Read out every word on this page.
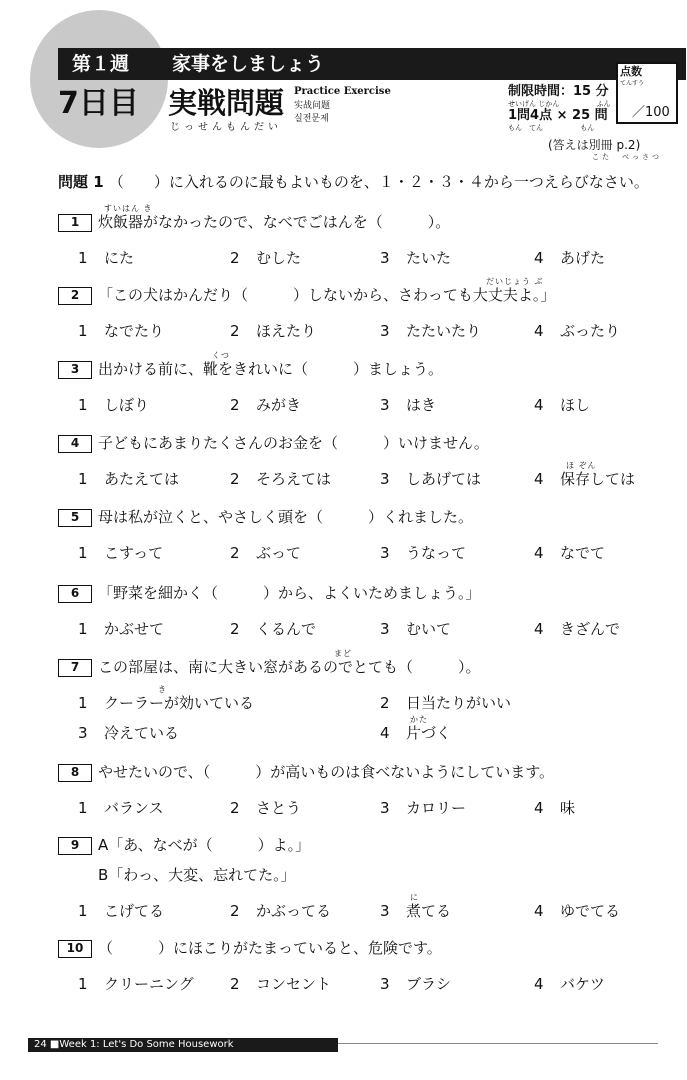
第１週 家事をしましょう
7日目 実戦問題
じっせんもんだい
Practice Exercise
实战问题
실전문제
制限時間：15 分
せいげん じかん　　　　　 ふん
1問4点 × 25 問
もん　てん　　　　　 もん
点数
てんすう
／100
(答えは別冊 p.2)
こた　べっさつ
問題 1 （　　）に入れるのに最もよいものを、１・２・３・４から一つえらびなさい。
1	炊飯器がなかったので、なべでごはんを（　　　）。
1 にた	2 むした	3 たいた	4 あげた
すいはん き
2	「この犬はかんだり（　　　）しないから、さわっても大丈夫よ。」
1 なでたり	2 ほえたり	3 たたいたり	4 ぶったり
だいじょう ぶ
3	出かける前に、靴をきれいに（　　　）ましょう。
1 しぼり	2 みがき	3 はき	4 ほし
くつ
4	子どもにあまりたくさんのお金を（　　　）いけません。
1 あたえては	2 そろえては	3 しあげては	4 保存しては
ほ ぞん
5	母は私が泣くと、やさしく頭を（　　　）くれました。
1 こすって	2 ぶって	3 うなって	4 なでて
6	「野菜を細かく（　　　）から、よくいためましょう。」
1 かぶせて	2 くるんで	3 むいて	4 きざんで
7	この部屋は、南に大きい窓があるのでとても（　　　）。
1 クーラーが効いている	2 日当たりがいい
3 冷えている	4 片づく
まど
き
かた
8	やせたいので、（　　　）が高いものは食べないようにしています。
1 バランス	2 さとう	3 カロリー	4 味
9	A「あ、なべが（　　　）よ。」
B「わっ、大変、忘れてた。」
1 こげてる	2 かぶってる	3 煮てる	4 ゆでてる
に
10 （　　　）にほこりがたまっていると、危険です。
1 クリーニング 2 コンセント	3 ブラシ	4 バケツ
24 ■Week 1: Let's Do Some Housework
